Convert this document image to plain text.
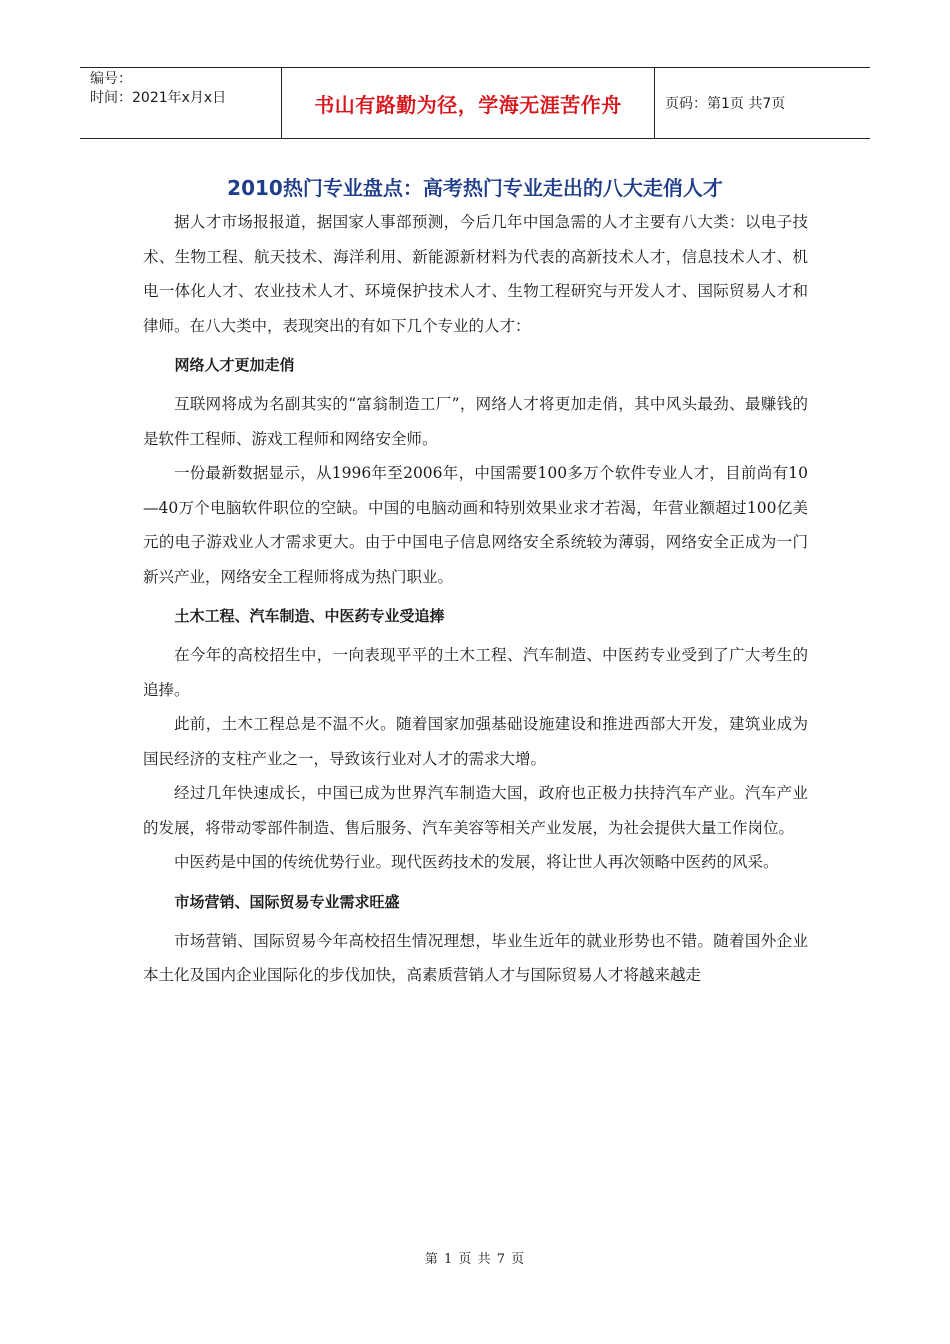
编号：
时间：2021年x月x日	书山有路勤为径，学海无涯苦作舟	页码：第1页 共7页
2010热门专业盘点：高考热门专业走出的八大走俏人才

据人才市场报报道，据国家人事部预测，今后几年中国急需的人才主要有八大类：以电子技术、生物工程、航天技术、海洋利用、新能源新材料为代表的高新技术人才，信息技术人才、机电一体化人才、农业技术人才、环境保护技术人才、生物工程研究与开发人才、国际贸易人才和律师。在八大类中，表现突出的有如下几个专业的人才：

网络人才更加走俏

互联网将成为名副其实的“富翁制造工厂”，网络人才将更加走俏，其中风头最劲、最赚钱的是软件工程师、游戏工程师和网络安全师。

一份最新数据显示，从1996年至2006年，中国需要100多万个软件专业人才，目前尚有10—40万个电脑软件职位的空缺。中国的电脑动画和特别效果业求才若渴，年营业额超过100亿美元的电子游戏业人才需求更大。由于中国电子信息网络安全系统较为薄弱，网络安全正成为一门新兴产业，网络安全工程师将成为热门职业。

土木工程、汽车制造、中医药专业受追捧

在今年的高校招生中，一向表现平平的土木工程、汽车制造、中医药专业受到了广大考生的追捧。

此前，土木工程总是不温不火。随着国家加强基础设施建设和推进西部大开发，建筑业成为国民经济的支柱产业之一，导致该行业对人才的需求大增。

经过几年快速成长，中国已成为世界汽车制造大国，政府也正极力扶持汽车产业。汽车产业的发展，将带动零部件制造、售后服务、汽车美容等相关产业发展，为社会提供大量工作岗位。

中医药是中国的传统优势行业。现代医药技术的发展，将让世人再次领略中医药的风采。

市场营销、国际贸易专业需求旺盛

市场营销、国际贸易今年高校招生情况理想，毕业生近年的就业形势也不错。随着国外企业本土化及国内企业国际化的步伐加快，高素质营销人才与国际贸易人才将越来越走

第 1 页 共 7 页
